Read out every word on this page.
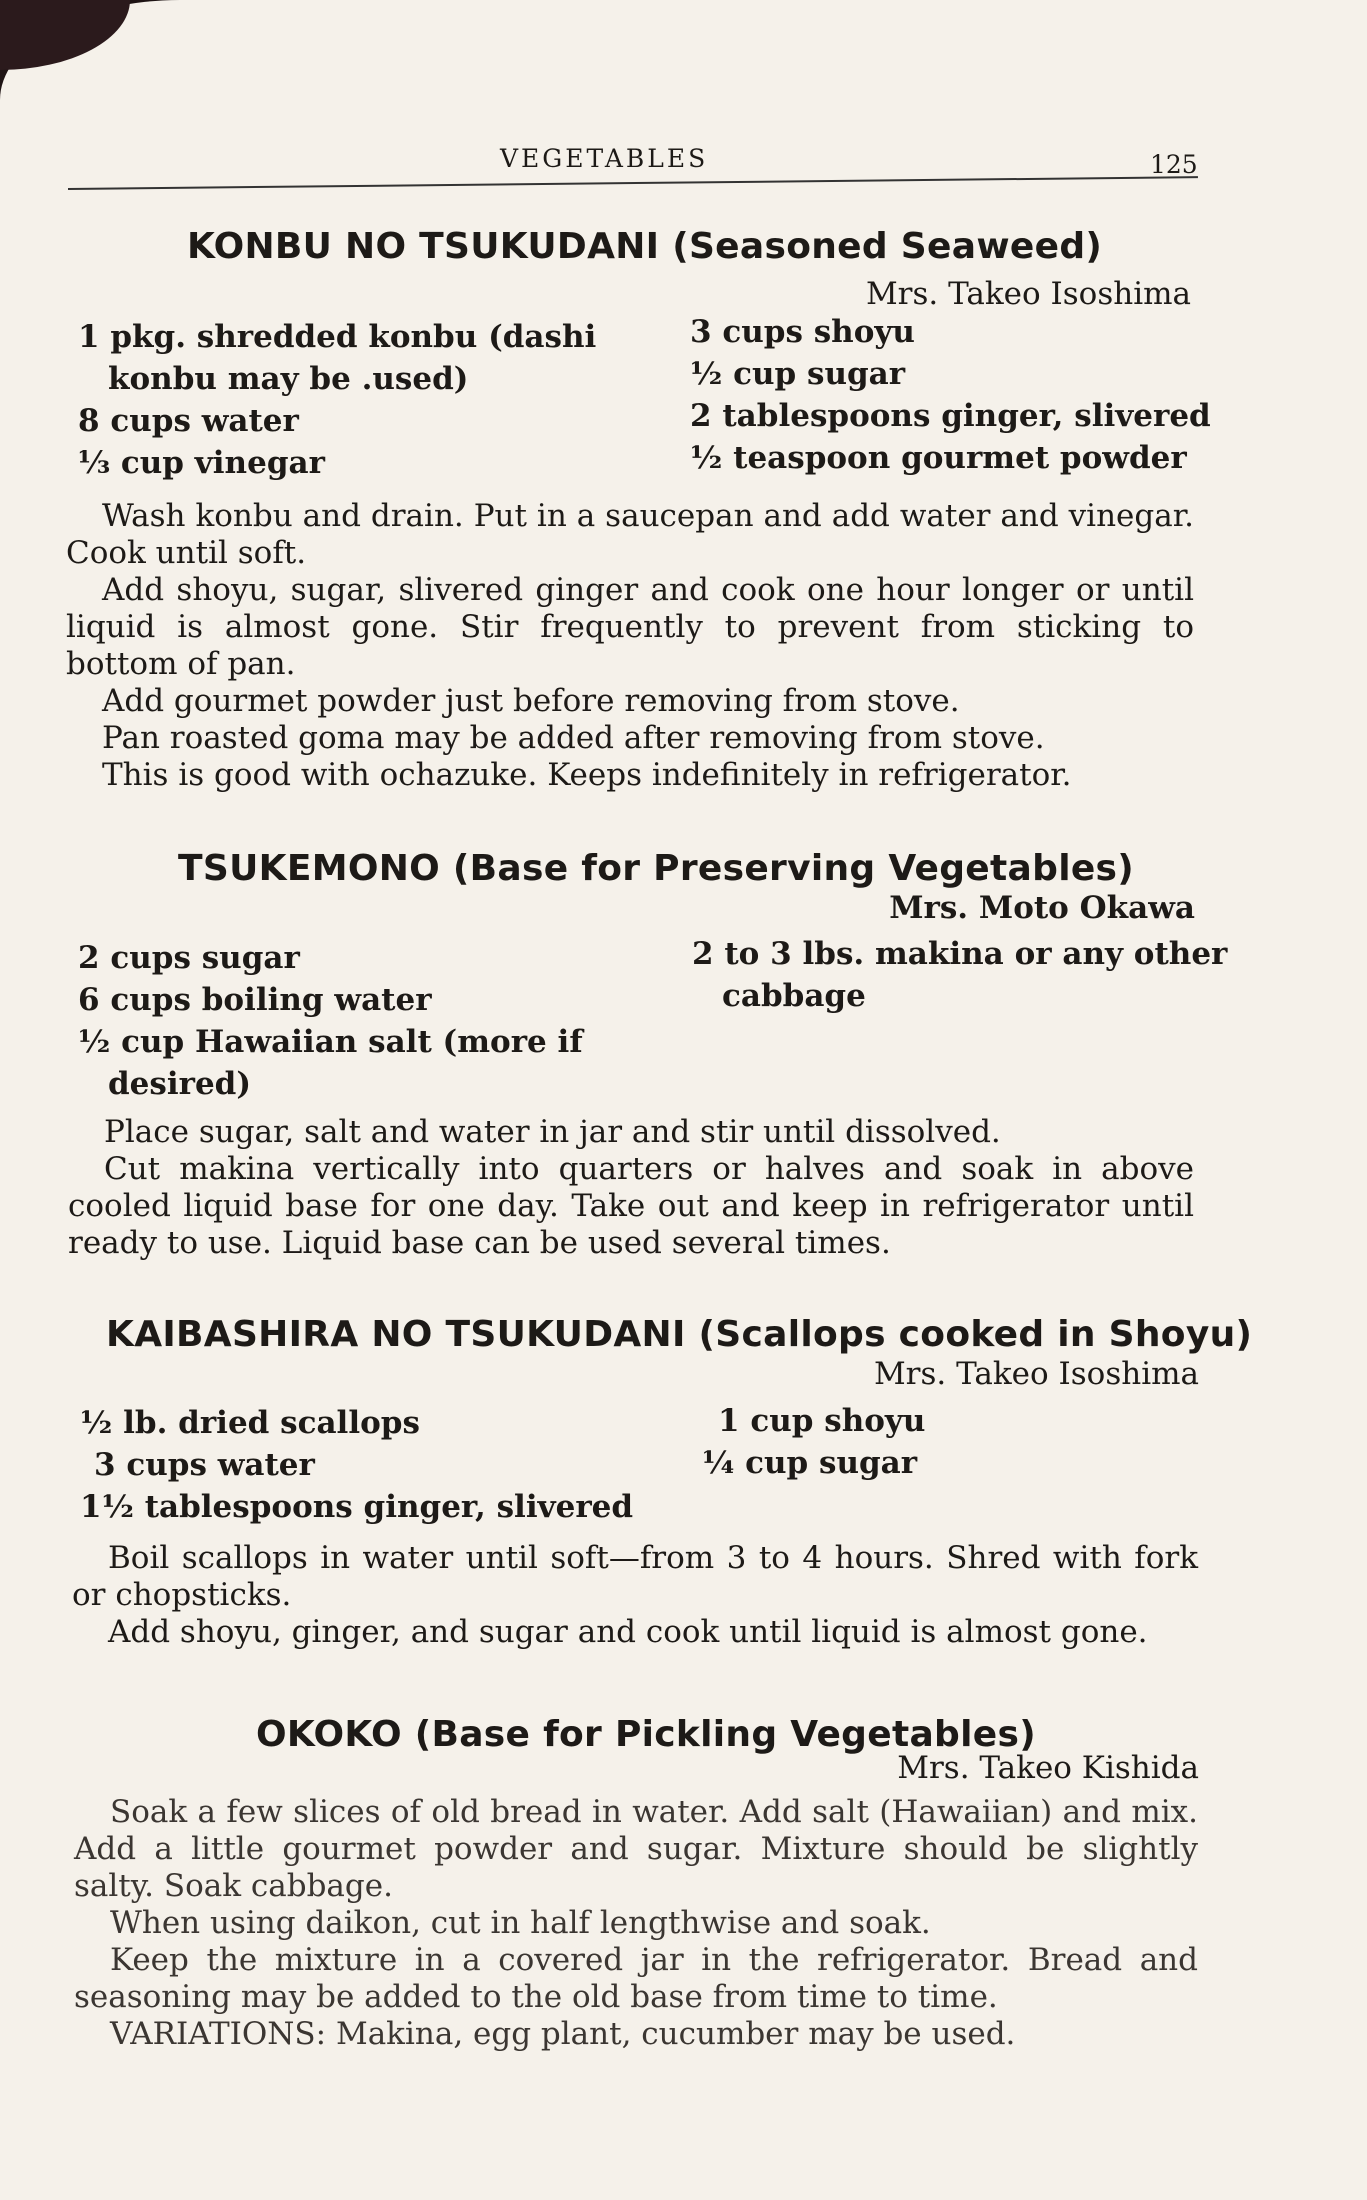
VEGETABLES	125
KONBU NO TSUKUDANI (Seasoned Seaweed)
Mrs. Takeo Isoshima
1 pkg. shredded konbu (dashi
konbu may be .used)
8 cups water
⅓ cup vinegar
3 cups shoyu
½ cup sugar
2 tablespoons ginger, slivered
½ teaspoon gourmet powder

Wash konbu and drain. Put in a saucepan and add water and vinegar. Cook until soft.

Add shoyu, sugar, slivered ginger and cook one hour longer or until liquid is almost gone. Stir frequently to prevent from sticking to bottom of pan.

Add gourmet powder just before removing from stove.

Pan roasted goma may be added after removing from stove.

This is good with ochazuke. Keeps indefinitely in refrigerator.

TSUKEMONO (Base for Preserving Vegetables)
Mrs. Moto Okawa
2 cups sugar
6 cups boiling water
½ cup Hawaiian salt (more if
desired)
2 to 3 lbs. makina or any other
cabbage

Place sugar, salt and water in jar and stir until dissolved.

Cut makina vertically into quarters or halves and soak in above cooled liquid base for one day. Take out and keep in refrigerator until ready to use. Liquid base can be used several times.

KAIBASHIRA NO TSUKUDANI (Scallops cooked in Shoyu)
Mrs. Takeo Isoshima
½ lb. dried scallops
3 cups water
1½ tablespoons ginger, slivered
1 cup shoyu
¼ cup sugar

Boil scallops in water until soft—from 3 to 4 hours. Shred with fork or chopsticks.

Add shoyu, ginger, and sugar and cook until liquid is almost gone.

OKOKO (Base for Pickling Vegetables)
Mrs. Takeo Kishida

Soak a few slices of old bread in water. Add salt (Hawaiian) and mix. Add a little gourmet powder and sugar. Mixture should be slightly salty. Soak cabbage.

When using daikon, cut in half lengthwise and soak.

Keep the mixture in a covered jar in the refrigerator. Bread and seasoning may be added to the old base from time to time.

VARIATIONS: Makina, egg plant, cucumber may be used.
